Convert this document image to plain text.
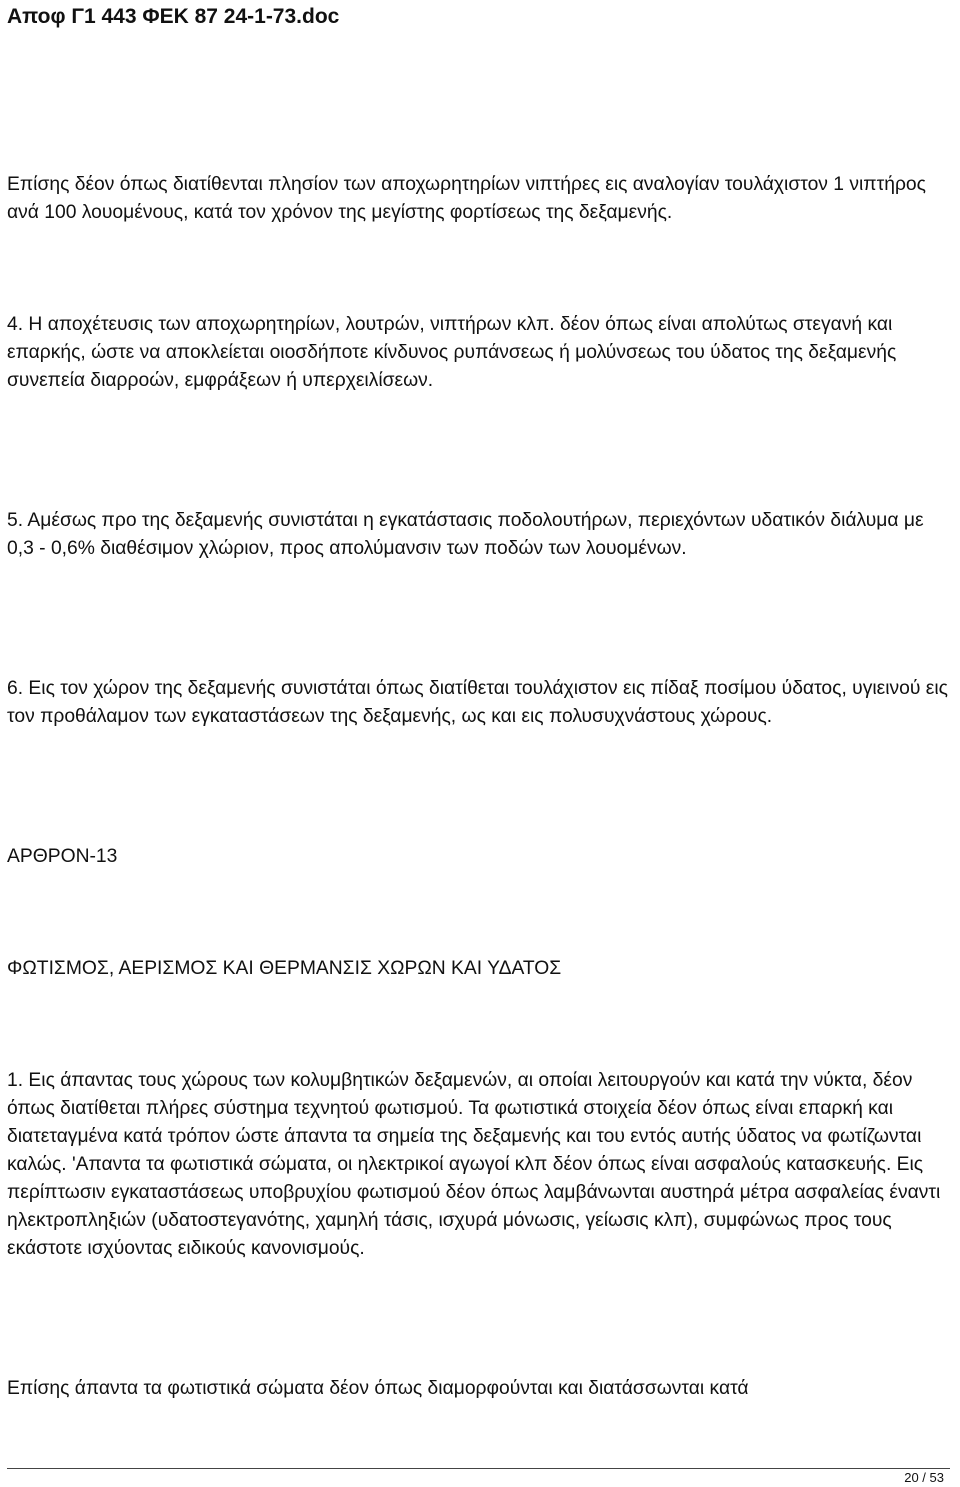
Αποφ Γ1 443 ΦΕΚ 87 24-1-73.doc

Επίσης δέον όπως διατίθενται πλησίον των αποχωρητηρίων νιπτήρες εις αναλογίαν τουλάχιστον 1 νιπτήρος ανά 100 λουομένους, κατά τον χρόνον της μεγίστης φορτίσεως της δεξαμενής.

4. Η αποχέτευσις των αποχωρητηρίων, λουτρών, νιπτήρων κλπ. δέον όπως είναι απολύτως στεγανή και επαρκής, ώστε να αποκλείεται οιοσδήποτε κίνδυνος ρυπάνσεως ή μολύνσεως του ύδατος της δεξαμενής συνεπεία διαρροών, εμφράξεων ή υπερχειλίσεων.

5. Αμέσως προ της δεξαμενής συνιστάται η εγκατάστασις ποδολουτήρων, περιεχόντων υδατικόν διάλυμα με 0,3 - 0,6% διαθέσιμον χλώριον, προς απολύμανσιν των ποδών των λουομένων.

6. Εις τον χώρον της δεξαμενής συνιστάται όπως διατίθεται τουλάχιστον εις πίδαξ ποσίμου ύδατος, υγιεινού εις τον προθάλαμον των εγκαταστάσεων της δεξαμενής, ως και εις πολυσυχνάστους χώρους.

ΑΡΘΡΟΝ-13

ΦΩΤΙΣΜΟΣ, ΑΕΡΙΣΜΟΣ ΚΑΙ ΘΕΡΜΑΝΣΙΣ ΧΩΡΩΝ ΚΑΙ ΥΔΑΤΟΣ

1. Εις άπαντας τους χώρους των κολυμβητικών δεξαμενών, αι οποίαι λειτουργούν και κατά την νύκτα, δέον όπως διατίθεται πλήρες σύστημα τεχνητού φωτισμού. Τα φωτιστικά στοιχεία δέον όπως είναι επαρκή και διατεταγμένα κατά τρόπον ώστε άπαντα τα σημεία της δεξαμενής και του εντός αυτής ύδατος να φωτίζωνται καλώς. 'Απαντα τα φωτιστικά σώματα, οι ηλεκτρικοί αγωγοί κλπ δέον όπως είναι ασφαλούς κατασκευής. Εις περίπτωσιν εγκαταστάσεως υποβρυχίου φωτισμού δέον όπως λαμβάνωνται αυστηρά μέτρα ασφαλείας έναντι ηλεκτροπληξιών (υδατοστεγανότης, χαμηλή τάσις, ισχυρά μόνωσις, γείωσις κλπ), συμφώνως προς τους εκάστοτε ισχύοντας ειδικούς κανονισμούς.

Επίσης άπαντα τα φωτιστικά σώματα δέον όπως διαμορφούνται και διατάσσωνται κατά

20 / 53
